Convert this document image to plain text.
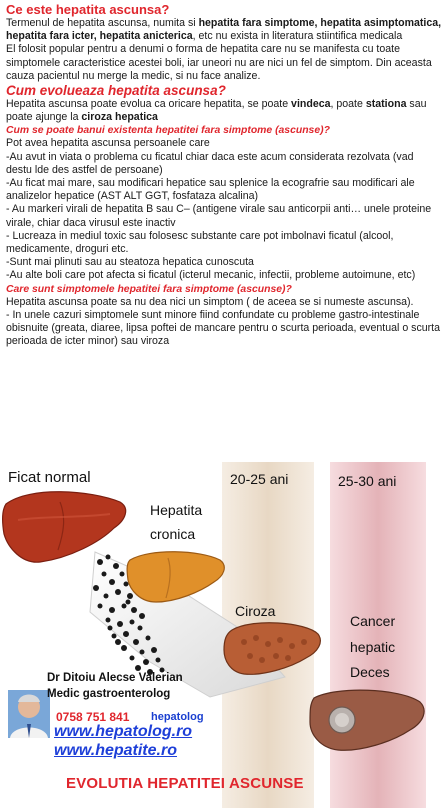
Ce este hepatita ascunsa?

Termenul de hepatita ascunsa, numita si hepatita fara simptome, hepatita asimptomatica, hepatita fara icter, hepatita anicterica, etc nu exista in literatura stiintifica medicala

El folosit popular pentru a denumi o forma de hepatita care nu se manifesta cu toate simptomele caracteristice acestei boli, iar uneori nu are nici un fel de simptom. Din aceasta cauza pacientul nu merge la medic, si nu face analize.

Cum evolueaza hepatita ascunsa?

Hepatita ascunsa poate evolua ca oricare hepatita, se poate vindeca, poate stationa sau poate ajunge la ciroza hepatica

Cum se poate banui existenta hepatitei fara simptome (ascunse)?

Pot avea hepatita ascunsa persoanele care

-Au avut in viata o problema cu ficatul chiar daca este acum considerata rezolvata (vad destu lde des astfel de persoane)

-Au ficat mai mare, sau modificari hepatice sau splenice la ecografrie sau modificari ale analizelor hepatice (AST ALT GGT, fosfataza alcalina)

- Au markeri virali de hepatita B sau C– (antigene virale sau anticorpii anti… unele proteine virale, chiar daca virusul este inactiv

- Lucreaza in mediul toxic sau folosesc substante care pot imbolnavi ficatul (alcool, medicamente, droguri etc.

-Sunt mai plinuti sau au steatoza hepatica cunoscuta

-Au alte boli care pot afecta si ficatul (icterul mecanic, infectii, probleme autoimune, etc)

Care sunt simptomele hepatitei fara simptome (ascunse)?

Hepatita ascunsa poate sa nu dea nici un simptom ( de aceea se si numeste ascunsa).

- In unele cazuri simptomele sunt minore fiind confundate cu probleme gastro-intestinale obisnuite (greata, diaree, lipsa poftei de mancare pentru o scurta perioada, eventual o scurta perioada de icter minor) sau viroza

Ficat normal
Hepatita
cronica
20-25 ani	25-30 ani
Ciroza
Cancer
hepatic
Deces
Dr Ditoiu Alecse Valerian
Medic gastroenterolog
0758 751 841 hepatolog
www.hepatolog.ro
www.hepatite.ro
EVOLUTIA HEPATITEI ASCUNSE
